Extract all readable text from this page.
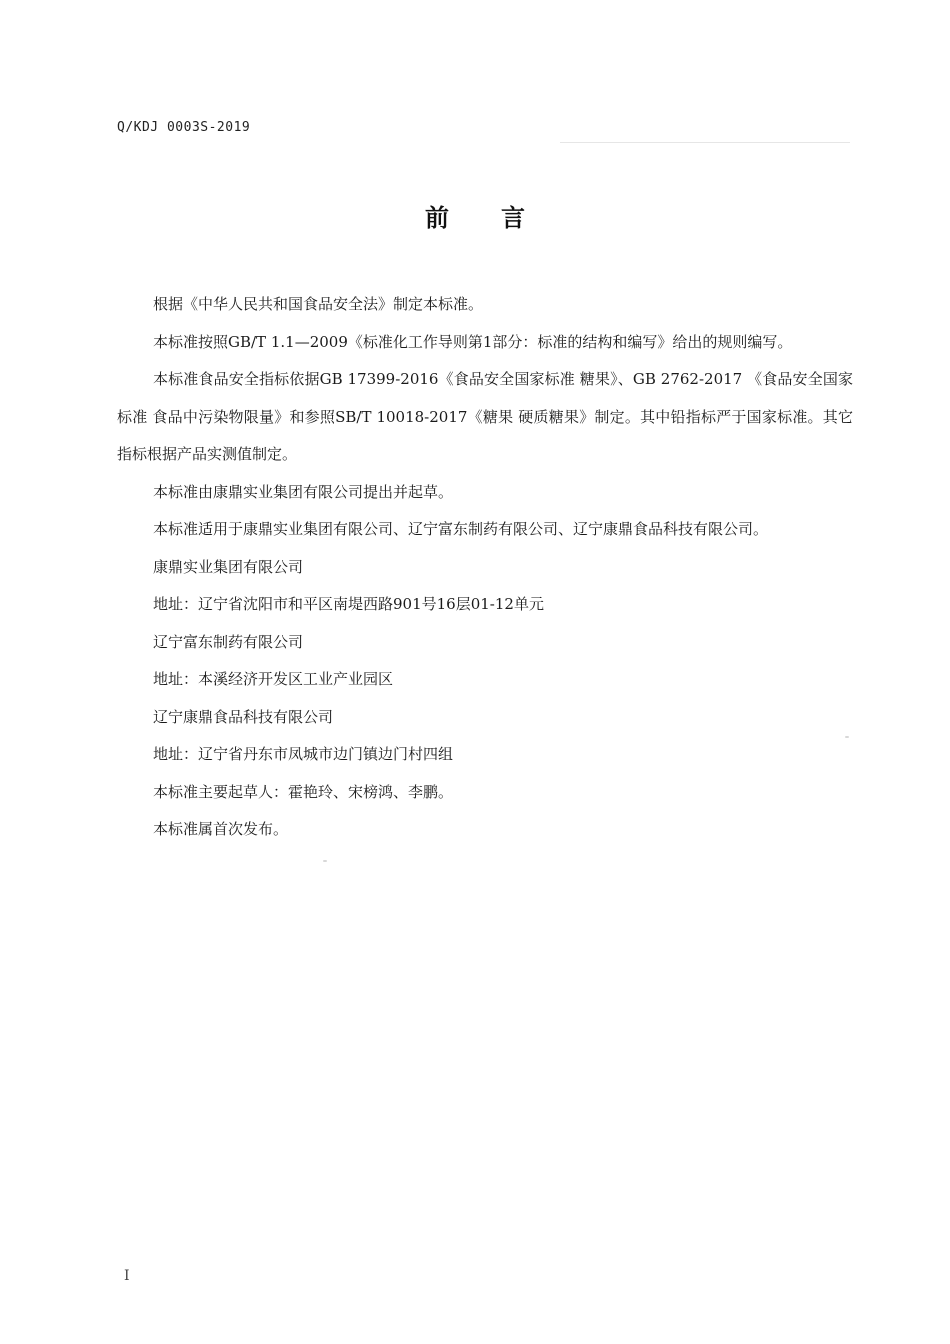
Q/KDJ 0003S-2019
前言

根据《中华人民共和国食品安全法》制定本标准。

本标准按照GB/T 1.1—2009《标准化工作导则第1部分：标准的结构和编写》给出的规则编写。

本标准食品安全指标依据GB 17399-2016《食品安全国家标准 糖果》、GB 2762-2017 《食品安全国家标准 食品中污染物限量》和参照SB/T 10018-2017《糖果 硬质糖果》制定。其中铅指标严于国家标准。其它指标根据产品实测值制定。

本标准由康鼎实业集团有限公司提出并起草。

本标准适用于康鼎实业集团有限公司、辽宁富东制药有限公司、辽宁康鼎食品科技有限公司。

康鼎实业集团有限公司

地址：辽宁省沈阳市和平区南堤西路901号16层01-12单元

辽宁富东制药有限公司

地址：本溪经济开发区工业产业园区

辽宁康鼎食品科技有限公司

地址：辽宁省丹东市凤城市边门镇边门村四组

本标准主要起草人：霍艳玲、宋榜鸿、李鹏。

本标准属首次发布。

I
